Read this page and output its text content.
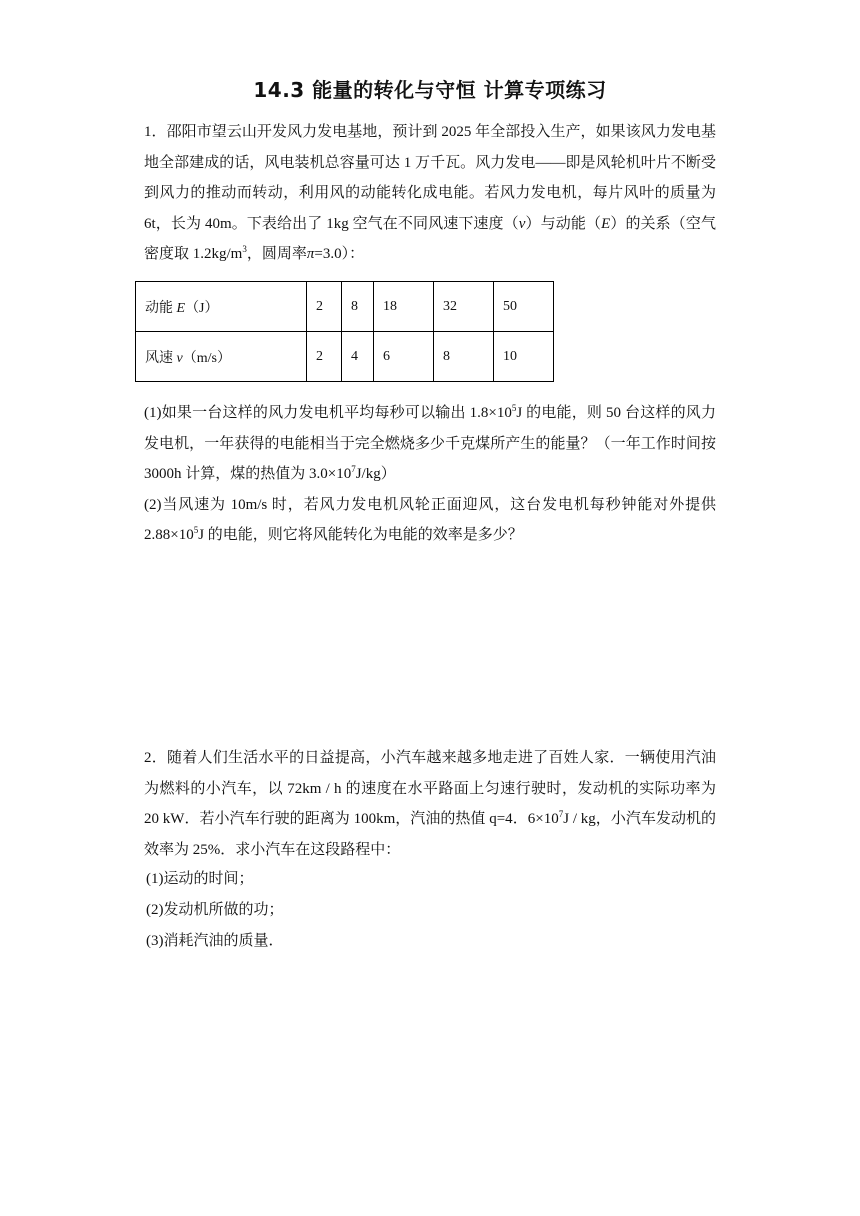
14.3 能量的转化与守恒 计算专项练习
1．邵阳市望云山开发风力发电基地，预计到 2025 年全部投入生产，如果该风力发电基地全部建成的话，风电装机总容量可达 1 万千瓦。风力发电——即是风轮机叶片不断受到风力的推动而转动，利用风的动能转化成电能。若风力发电机，每片风叶的质量为 6t，长为 40m。下表给出了 1kg 空气在不同风速下速度（v）与动能（E）的关系（空气密度取 $1.2kg/m^3$，圆周率π=3.0）：
动能 E（J）	2	8	18	32	50
风速 v（m/s）	2	4	6	8	10
(1)如果一台这样的风力发电机平均每秒可以输出 $1.8\times 10^5J$ 的电能，则 50 台这样的风力发电机，一年获得的电能相当于完全燃烧多少千克煤所产生的能量？（一年工作时间按 3000h 计算，煤的热值为 $3.0\times 10^7J/kg$）
(2)当风速为 10m/s 时，若风力发电机风轮正面迎风，这台发电机每秒钟能对外提供 $2.88\times 10^5J$ 的电能，则它将风能转化为电能的效率是多少？
2．随着人们生活水平的日益提高，小汽车越来越多地走进了百姓人家．一辆使用汽油为燃料的小汽车，以 72km / h 的速度在水平路面上匀速行驶时，发动机的实际功率为 20 kW．若小汽车行驶的距离为 100km，汽油的热值 q=4．$6\times 10^7J$ / kg，小汽车发动机的效率为 25%．求小汽车在这段路程中：
(1)运动的时间；
(2)发动机所做的功；
(3)消耗汽油的质量．
